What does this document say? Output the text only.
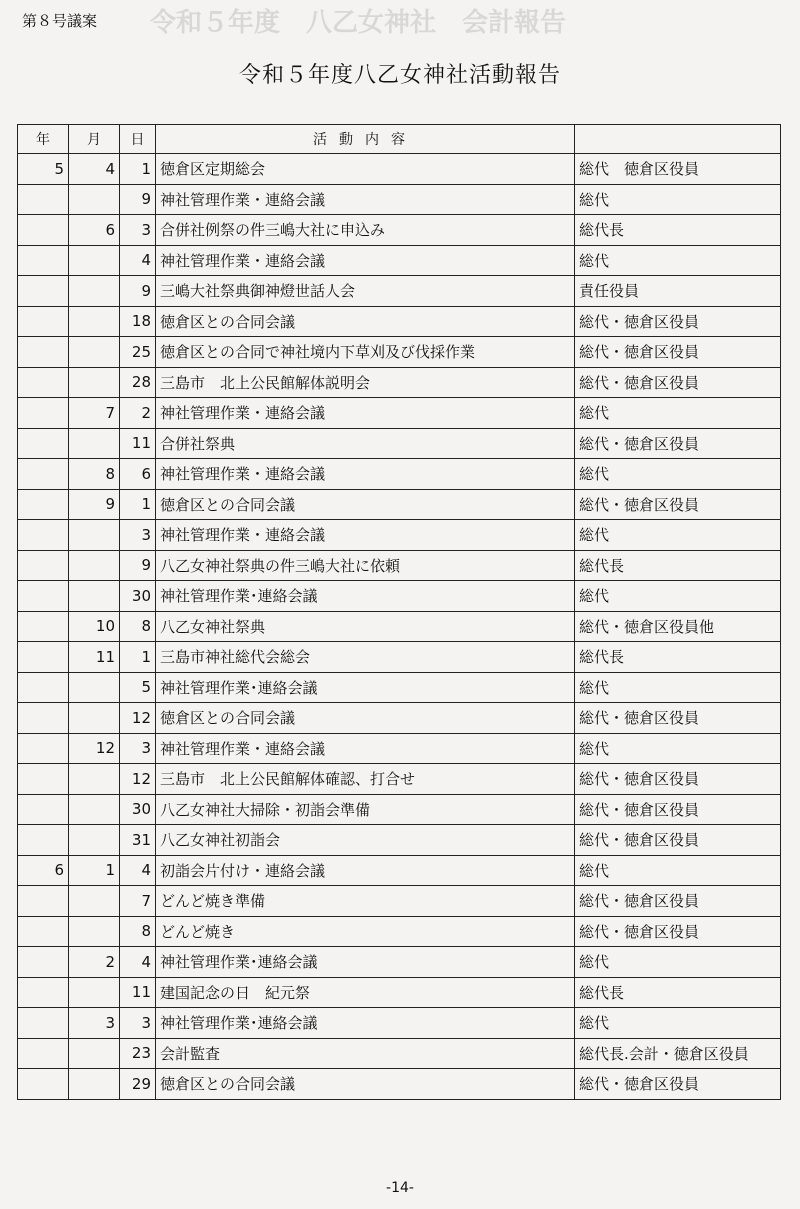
令和５年度　八乙女神社　会計報告
第８号議案
令和５年度八乙女神社活動報告
年	月	日	活動内容	
5	4	1	徳倉区定期総会	総代　徳倉区役員
		9	神社管理作業・連絡会議	総代
	6	3	合併社例祭の件三嶋大社に申込み	総代長
		4	神社管理作業・連絡会議	総代
		9	三嶋大社祭典御神燈世話人会	責任役員
		18	徳倉区との合同会議	総代・徳倉区役員
		25	徳倉区との合同で神社境内下草刈及び伐採作業	総代・徳倉区役員
		28	三島市　北上公民館解体説明会	総代・徳倉区役員
	7	2	神社管理作業・連絡会議	総代
		11	合併社祭典	総代・徳倉区役員
	8	6	神社管理作業・連絡会議	総代
	9	1	徳倉区との合同会議	総代・徳倉区役員
		3	神社管理作業・連絡会議	総代
		9	八乙女神社祭典の件三嶋大社に依頼	総代長
		30	神社管理作業･連絡会議	総代
	10	8	八乙女神社祭典	総代・徳倉区役員他
	11	1	三島市神社総代会総会	総代長
		5	神社管理作業･連絡会議	総代
		12	徳倉区との合同会議	総代・徳倉区役員
	12	3	神社管理作業・連絡会議	総代
		12	三島市　北上公民館解体確認、打合せ	総代・徳倉区役員
		30	八乙女神社大掃除・初詣会準備	総代・徳倉区役員
		31	八乙女神社初詣会	総代・徳倉区役員
6	1	4	初詣会片付け・連絡会議	総代
		7	どんど焼き準備	総代・徳倉区役員
		8	どんど焼き	総代・徳倉区役員
	2	4	神社管理作業･連絡会議	総代
		11	建国記念の日　紀元祭	総代長
	3	3	神社管理作業･連絡会議	総代
		23	会計監査	総代長.会計・徳倉区役員
		29	徳倉区との合同会議	総代・徳倉区役員
-14-
